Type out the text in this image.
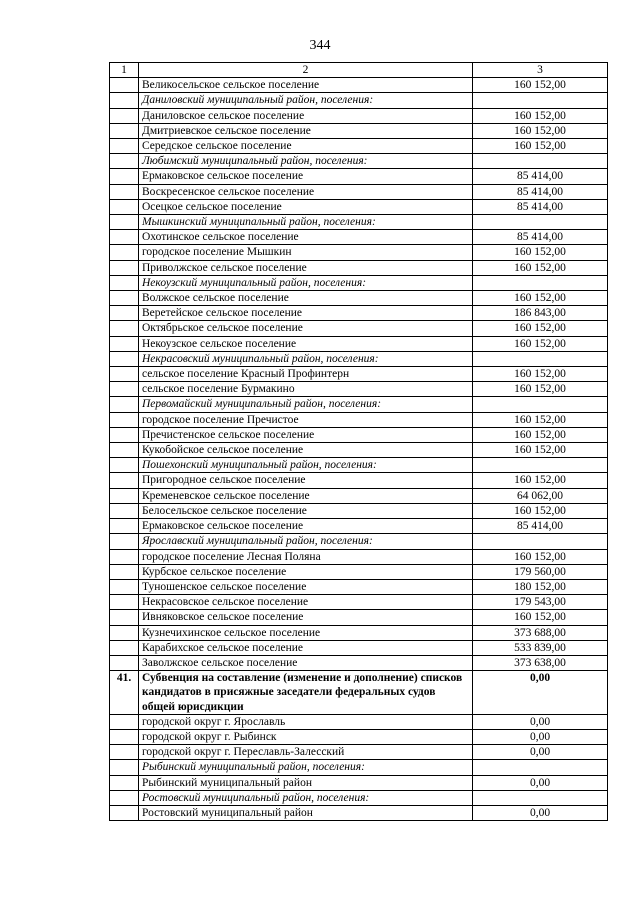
344
1	2	3
	Великосельское сельское поселение	160 152,00
	Даниловский муниципальный район, поселения:	
	Даниловское сельское поселение	160 152,00
	Дмитриевское сельское поселение	160 152,00
	Середское сельское поселение	160 152,00
	Любимский муниципальный район, поселения:	
	Ермаковское сельское поселение	85 414,00
	Воскресенское сельское поселение	85 414,00
	Осецкое сельское поселение	85 414,00
	Мышкинский муниципальный район, поселения:	
	Охотинское сельское поселение	85 414,00
	городское поселение Мышкин	160 152,00
	Приволжское сельское поселение	160 152,00
	Некоузский муниципальный район, поселения:	
	Волжское сельское поселение	160 152,00
	Веретейское сельское поселение	186 843,00
	Октябрьское сельское поселение	160 152,00
	Некоузское сельское поселение	160 152,00
	Некрасовский муниципальный район, поселения:	
	сельское поселение Красный Профинтерн	160 152,00
	сельское поселение Бурмакино	160 152,00
	Первомайский муниципальный район, поселения:	
	городское поселение Пречистое	160 152,00
	Пречистенское сельское поселение	160 152,00
	Кукобойское сельское поселение	160 152,00
	Пошехонский муниципальный район, поселения:	
	Пригородное сельское поселение	160 152,00
	Кременевское сельское поселение	64 062,00
	Белосельское сельское поселение	160 152,00
	Ермаковское сельское поселение	85 414,00
	Ярославский муниципальный район, поселения:	
	городское поселение Лесная Поляна	160 152,00
	Курбское сельское поселение	179 560,00
	Туношенское сельское поселение	180 152,00
	Некрасовское сельское поселение	179 543,00
	Ивняковское сельское поселение	160 152,00
	Кузнечихинское сельское поселение	373 688,00
	Карабихское сельское поселение	533 839,00
	Заволжское сельское поселение	373 638,00
41.	Субвенция на составление (изменение и дополнение) списков кандидатов в присяжные заседатели федеральных судов общей юрисдикции	0,00
	городской округ г. Ярославль	0,00
	городской округ г. Рыбинск	0,00
	городской округ г. Переславль-Залесский	0,00
	Рыбинский муниципальный район, поселения:	
	Рыбинский муниципальный район	0,00
	Ростовский муниципальный район, поселения:	
	Ростовский муниципальный район	0,00
